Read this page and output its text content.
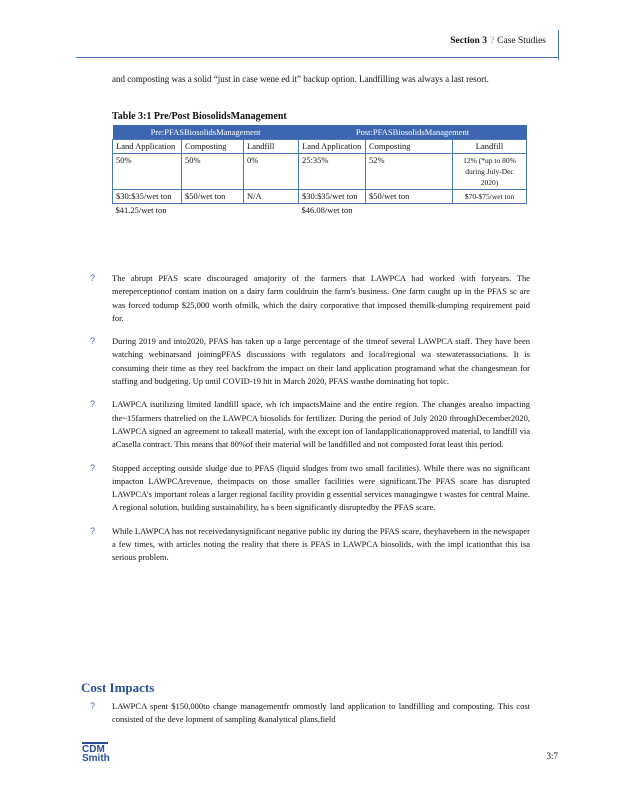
Section 3 ? Case Studies
and composting was a solid “just in case wene ed it” backup option. Landfilling was always a last resort.
Table 3:1 Pre/Post BiosolidsManagement
Pre:PFASBiosolidsManagement			Post:PFASBiosolidsManagement		
Land Application	Composting	Landfill	Land Application	Composting	Landfill
50%	50%	0%	25:35%	52%	12% (*up to 80% during July-Dec 2020)
$30:$35/wet ton	$50/wet ton	N/A	$30:$35/wet ton	$50/wet ton	$70-$75/wet ton
$41.25/wet ton			$46.08/wet ton		
?	The abrupt PFAS scare discouraged amajority of the farmers that LAWPCA had worked with foryears. The mereperceptionof contam ination on a dairy farm couldruin the farm's business. One farm caught up in the PFAS sc are was forced todump $25,000 worth ofmilk, which the dairy corporative that imposed themilk-dumping requirement paid for.
?	During 2019 and into2020, PFAS has taken up a large percentage of the timeof several LAWPCA staff. They have been watching webinarsand joiningPFAS discussions with regulators and local/regional wa stewaterassociations. It is consuming their time as they reel backfrom the impact on their land application programand what the changesmean for staffing and budgeting. Up until COVID-19 hit in March 2020, PFAS wasthe dominating hot topic.
?	LAWPCA isutilizing limited landfill space, wh ich impactsMaine and the entire region. The changes arealso impacting the~15farmers thatrelied on the LAWPCA biosolids for fertilizer. During the period of July 2020 throughDecember2020, LAWPCA signed an agreement to takeall material, with the except ion of landapplicationapproved material, to landfill via aCasella contract. This means that 80%of their material will be landfilled and not composted forat least this period.
?	Stopped accepting outside sludge due to PFAS (liquid sludges from two small facilities). While there was no significant impacton LAWPCArevenue, theimpacts on those smaller facilities were significant.The PFAS scare has disrupted LAWPCA’s important roleas a larger regional facility providin g essential services managingwe t wastes for central Maine. A regional solution, building sustainability, ha s been significantly disruptedby the PFAS scare.
?	While LAWPCA has not receivedanysignificant negative public ity during the PFAS scare, theyhavebeen in the newspaper a few times, with articles noting the reality that there is PFAS in LAWPCA biosolids, with the impl icationthat this isa serious problem.
Cost Impacts
?	LAWPCA spent $150,000to change managementfr ommostly land application to landfilling and composting. This cost consisted of the deve lopment of sampling &analytical plans,field
CDM
Smith	3:7
